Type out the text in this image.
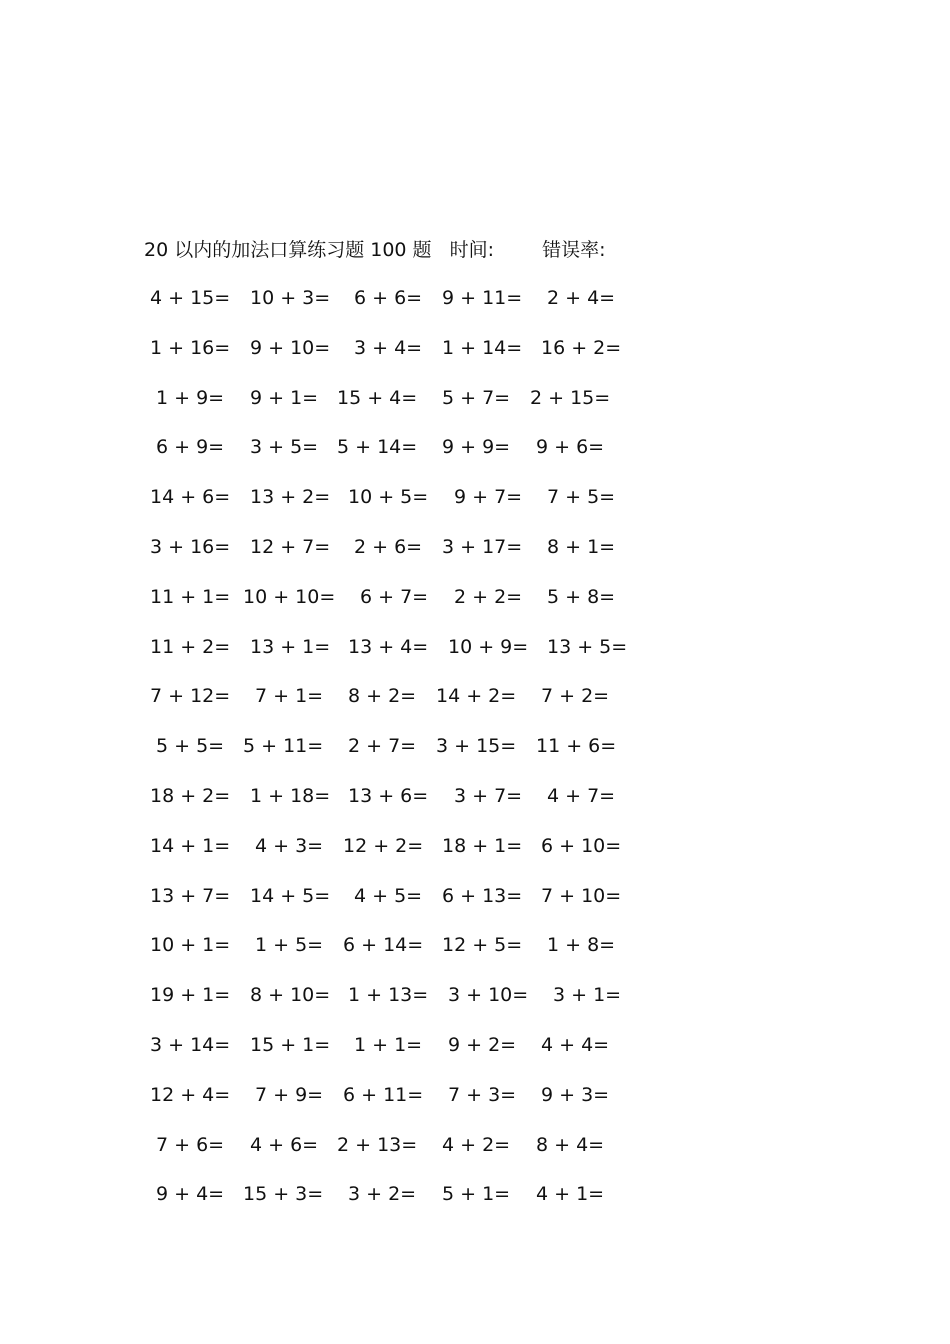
20 以内的加法口算练习题 100 题 时间:	错误率:
4 + 15= 10 + 3= 6 + 6= 9 + 11= 2 + 4=
1 + 16= 9 + 10= 3 + 4= 1 + 14= 16 + 2=
1 + 9= 9 + 1= 15 + 4= 5 + 7= 2 + 15=
6 + 9= 3 + 5= 5 + 14= 9 + 9= 9 + 6=
14 + 6= 13 + 2= 10 + 5= 9 + 7= 7 + 5=
3 + 16= 12 + 7= 2 + 6= 3 + 17= 8 + 1=
11 + 1= 10 + 10= 6 + 7= 2 + 2= 5 + 8=
11 + 2= 13 + 1= 13 + 4= 10 + 9= 13 + 5=
7 + 12= 7 + 1= 8 + 2= 14 + 2= 7 + 2=
5 + 5= 5 + 11= 2 + 7= 3 + 15= 11 + 6=
18 + 2= 1 + 18= 13 + 6= 3 + 7= 4 + 7=
14 + 1= 4 + 3= 12 + 2= 18 + 1= 6 + 10=
13 + 7= 14 + 5= 4 + 5= 6 + 13= 7 + 10=
10 + 1= 1 + 5= 6 + 14= 12 + 5= 1 + 8=
19 + 1= 8 + 10= 1 + 13= 3 + 10= 3 + 1=
3 + 14= 15 + 1= 1 + 1= 9 + 2= 4 + 4=
12 + 4= 7 + 9= 6 + 11= 7 + 3= 9 + 3=
7 + 6= 4 + 6= 2 + 13= 4 + 2= 8 + 4=
9 + 4= 15 + 3= 3 + 2= 5 + 1= 4 + 1=
